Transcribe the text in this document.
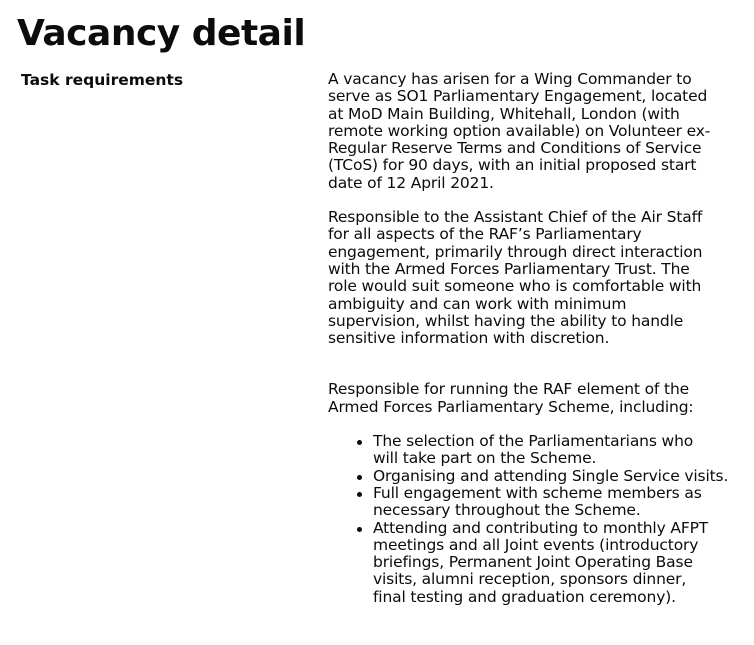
Vacancy detail
Task requirements	A vacancy has arisen for a Wing Commander to
serve as SO1 Parliamentary Engagement, located
at MoD Main Building, Whitehall, London (with
remote working option available) on Volunteer ex-
Regular Reserve Terms and Conditions of Service
(TCoS) for 90 days, with an initial proposed start
date of 12 April 2021.

Responsible to the Assistant Chief of the Air Staff
for all aspects of the RAF’s Parliamentary
engagement, primarily through direct interaction
with the Armed Forces Parliamentary Trust. The
role would suit someone who is comfortable with
ambiguity and can work with minimum
supervision, whilst having the ability to handle
sensitive information with discretion.

Responsible for running the RAF element of the
Armed Forces Parliamentary Scheme, including:

The selection of the Parliamentarians who
will take part on the Scheme.
Organising and attending Single Service visits.
Full engagement with scheme members as
necessary throughout the Scheme.
Attending and contributing to monthly AFPT
meetings and all Joint events (introductory
briefings, Permanent Joint Operating Base
visits, alumni reception, sponsors dinner,
final testing and graduation ceremony).
